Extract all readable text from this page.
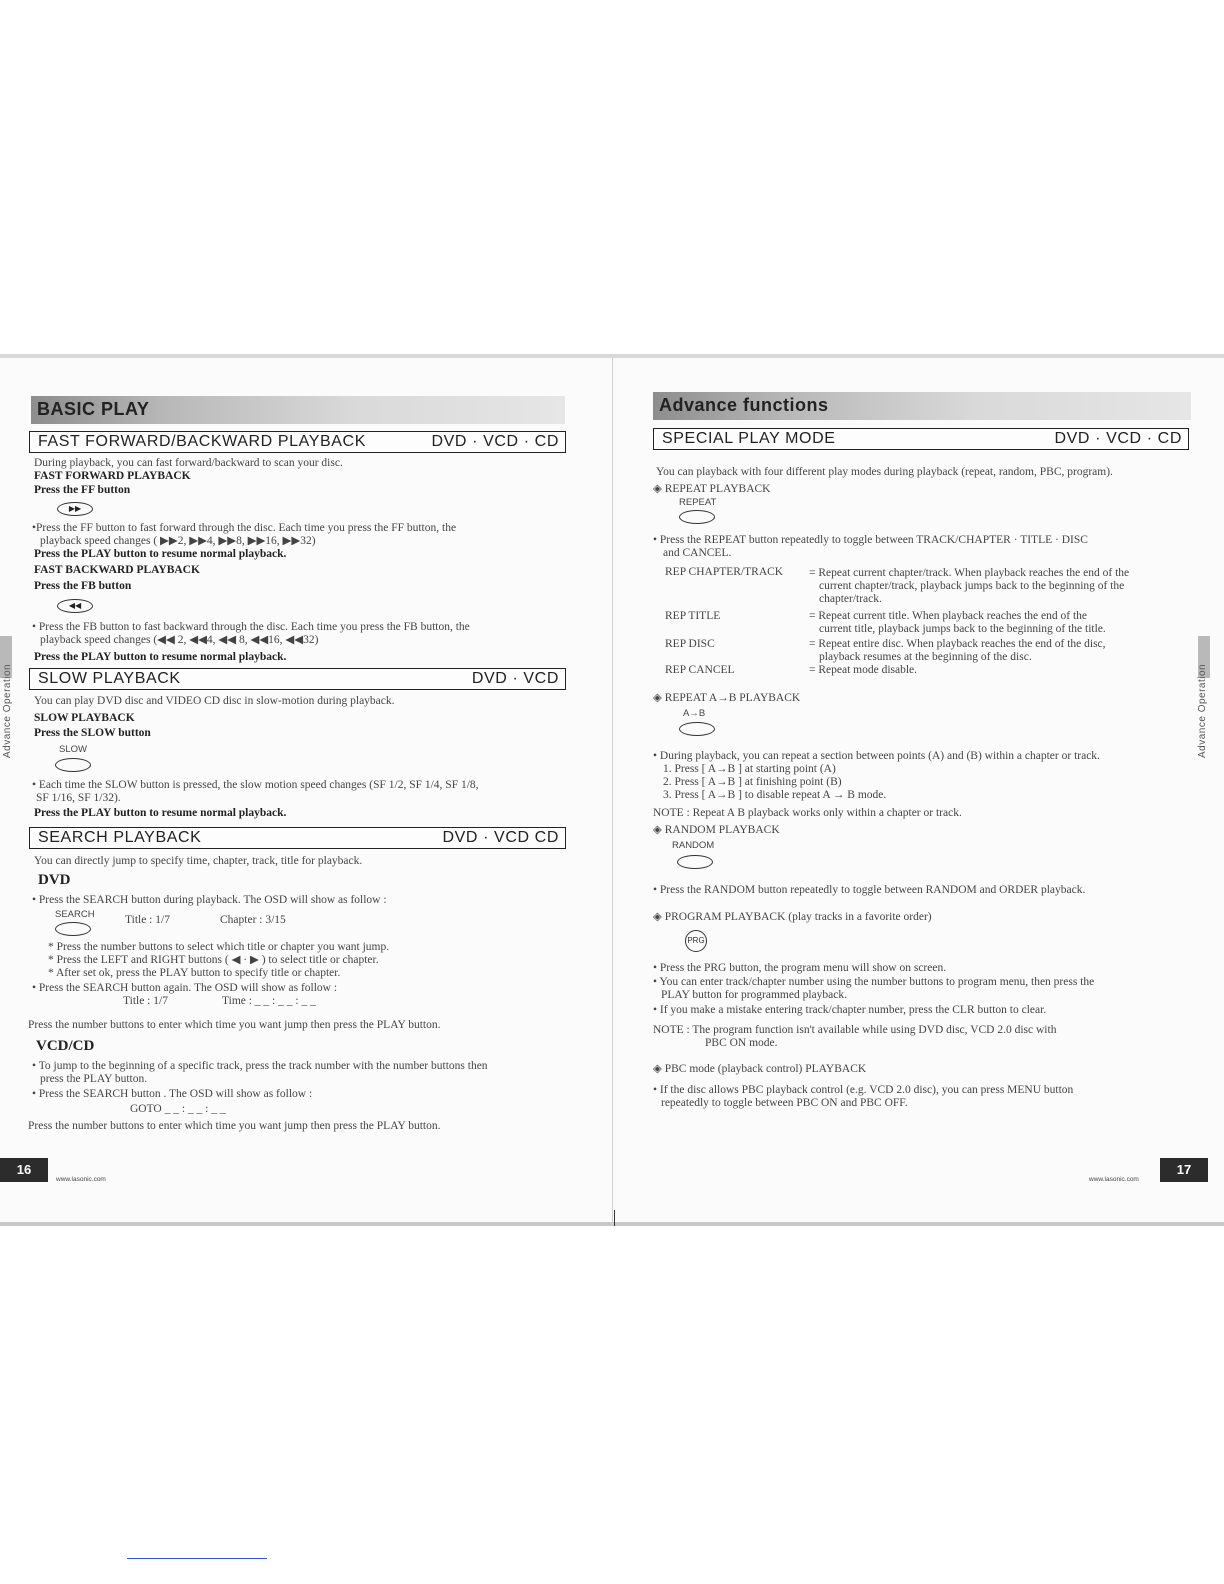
BASIC PLAY
FAST FORWARD/BACKWARD PLAYBACK	DVD · VCD · CD
During playback, you can fast forward/backward to scan your disc.
FAST FORWARD PLAYBACK
Press the FF button
▶▶
•Press the FF button to fast forward through the disc. Each time you press the FF button, the
playback speed changes ( ▶▶2, ▶▶4, ▶▶8, ▶▶16, ▶▶32)
Press the PLAY button to resume normal playback.
FAST BACKWARD PLAYBACK
Press the FB button
◀◀
• Press the FB button to fast backward through the disc. Each time you press the FB button, the
playback speed changes (◀◀ 2, ◀◀4, ◀◀ 8, ◀◀16, ◀◀32)
Press the PLAY button to resume normal playback.
SLOW PLAYBACK	DVD · VCD
You can play DVD disc and VIDEO CD disc in slow-motion during playback.
SLOW PLAYBACK
Press the SLOW button
SLOW
• Each time the SLOW button is pressed, the slow motion speed changes (SF 1/2, SF 1/4, SF 1/8,
SF 1/16, SF 1/32).
Press the PLAY button to resume normal playback.
SEARCH PLAYBACK	DVD · VCD CD
You can directly jump to specify time, chapter, track, title for playback.
DVD
• Press the SEARCH button during playback. The OSD will show as follow :
SEARCH	Title : 1/7	Chapter : 3/15
* Press the number buttons to select which title or chapter you want jump.
* Press the LEFT and RIGHT buttons ( ◀ · ▶ ) to select title or chapter.
* After set ok, press the PLAY button to specify title or chapter.
• Press the SEARCH button again. The OSD will show as follow :
Title : 1/7	Time : _ _ : _ _ : _ _
Press the number buttons to enter which time you want jump then press the PLAY button.
VCD/CD
• To jump to the beginning of a specific track, press the track number with the number buttons then
press the PLAY button.
• Press the SEARCH button . The OSD will show as follow :
GOTO _ _ : _ _ : _ _
Press the number buttons to enter which time you want jump then press the PLAY button.
Advance Operation
16
www.lasonic.com
Advance functions
SPECIAL PLAY MODE	DVD · VCD · CD
You can playback with four different play modes during playback (repeat, random, PBC, program).
◈ REPEAT PLAYBACK
REPEAT
• Press the REPEAT button repeatedly to toggle between TRACK/CHAPTER · TITLE · DISC
and CANCEL.
REP CHAPTER/TRACK = Repeat current chapter/track. When playback reaches the end of the
current chapter/track, playback jumps back to the beginning of the
chapter/track.
REP TITLE	= Repeat current title. When playback reaches the end of the
current title, playback jumps back to the beginning of the title.
REP DISC	= Repeat entire disc. When playback reaches the end of the disc,
playback resumes at the beginning of the disc.
REP CANCEL	= Repeat mode disable.
◈ REPEAT A→B PLAYBACK
A→B
• During playback, you can repeat a section between points (A) and (B) within a chapter or track.
1. Press [ A→B ] at starting point (A)
2. Press [ A→B ] at finishing point (B)
3. Press [ A→B ] to disable repeat A → B mode.
NOTE : Repeat A B playback works only within a chapter or track.
◈ RANDOM PLAYBACK
RANDOM
• Press the RANDOM button repeatedly to toggle between RANDOM and ORDER playback.
◈ PROGRAM PLAYBACK (play tracks in a favorite order)
PRG
• Press the PRG button, the program menu will show on screen.
• You can enter track/chapter number using the number buttons to program menu, then press the
PLAY button for programmed playback.
• If you make a mistake entering track/chapter number, press the CLR button to clear.
NOTE : The program function isn't available while using DVD disc, VCD 2.0 disc with
PBC ON mode.
◈ PBC mode (playback control) PLAYBACK
• If the disc allows PBC playback control (e.g. VCD 2.0 disc), you can press MENU button
repeatedly to toggle between PBC ON and PBC OFF.
Advance Operation
www.lasonic.com
17
